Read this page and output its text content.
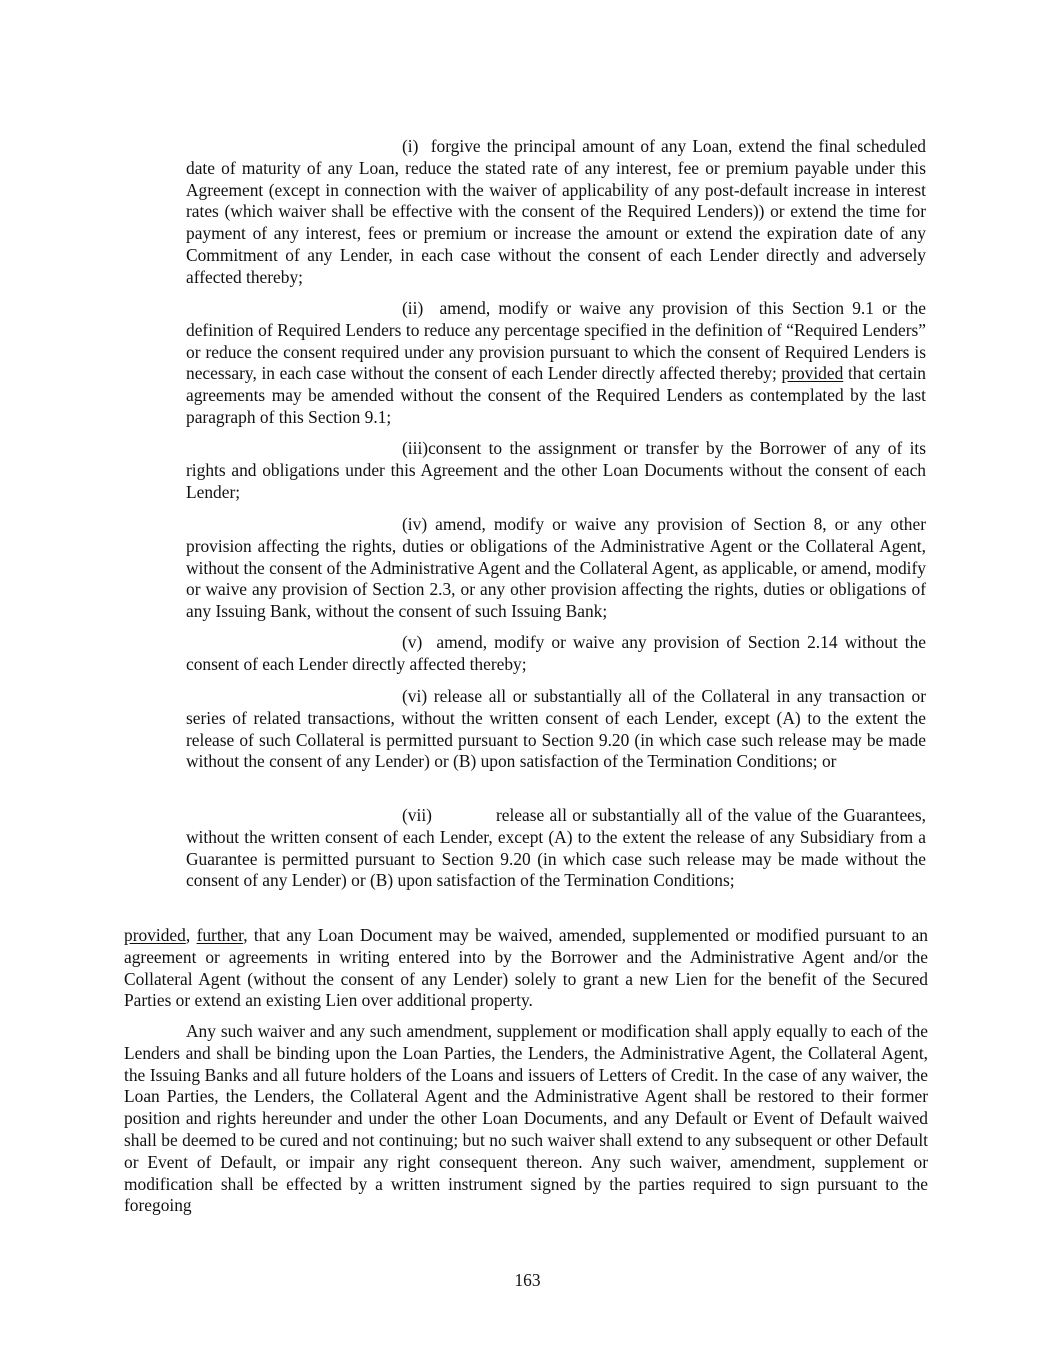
(i) forgive the principal amount of any Loan, extend the final scheduled date of maturity of any Loan, reduce the stated rate of any interest, fee or premium payable under this Agreement (except in connection with the waiver of applicability of any post-default increase in interest rates (which waiver shall be effective with the consent of the Required Lenders)) or extend the time for payment of any interest, fees or premium or increase the amount or extend the expiration date of any Commitment of any Lender, in each case without the consent of each Lender directly and adversely affected thereby;

(ii) amend, modify or waive any provision of this Section 9.1 or the definition of Required Lenders to reduce any percentage specified in the definition of “Required Lenders” or reduce the consent required under any provision pursuant to which the consent of Required Lenders is necessary, in each case without the consent of each Lender directly affected thereby; provided that certain agreements may be amended without the consent of the Required Lenders as contemplated by the last paragraph of this Section 9.1;

(iii)consent to the assignment or transfer by the Borrower of any of its rights and obligations under this Agreement and the other Loan Documents without the consent of each Lender;

(iv) amend, modify or waive any provision of Section 8, or any other provision affecting the rights, duties or obligations of the Administrative Agent or the Collateral Agent, without the consent of the Administrative Agent and the Collateral Agent, as applicable, or amend, modify or waive any provision of Section 2.3, or any other provision affecting the rights, duties or obligations of any Issuing Bank, without the consent of such Issuing Bank;

(v) amend, modify or waive any provision of Section 2.14 without the consent of each Lender directly affected thereby;

(vi) release all or substantially all of the Collateral in any transaction or series of related transactions, without the written consent of each Lender, except (A) to the extent the release of such Collateral is permitted pursuant to Section 9.20 (in which case such release may be made without the consent of any Lender) or (B) upon satisfaction of the Termination Conditions; or

(vii)	release all or substantially all of the value of the Guarantees, without the written consent of each Lender, except (A) to the extent the release of any Subsidiary from a Guarantee is permitted pursuant to Section 9.20 (in which case such release may be made without the consent of any Lender) or (B) upon satisfaction of the Termination Conditions;

provided, further, that any Loan Document may be waived, amended, supplemented or modified pursuant to an agreement or agreements in writing entered into by the Borrower and the Administrative Agent and/or the Collateral Agent (without the consent of any Lender) solely to grant a new Lien for the benefit of the Secured Parties or extend an existing Lien over additional property.

Any such waiver and any such amendment, supplement or modification shall apply equally to each of the Lenders and shall be binding upon the Loan Parties, the Lenders, the Administrative Agent, the Collateral Agent, the Issuing Banks and all future holders of the Loans and issuers of Letters of Credit. In the case of any waiver, the Loan Parties, the Lenders, the Collateral Agent and the Administrative Agent shall be restored to their former position and rights hereunder and under the other Loan Documents, and any Default or Event of Default waived shall be deemed to be cured and not continuing; but no such waiver shall extend to any subsequent or other Default or Event of Default, or impair any right consequent thereon. Any such waiver, amendment, supplement or modification shall be effected by a written instrument signed by the parties required to sign pursuant to the foregoing

163
